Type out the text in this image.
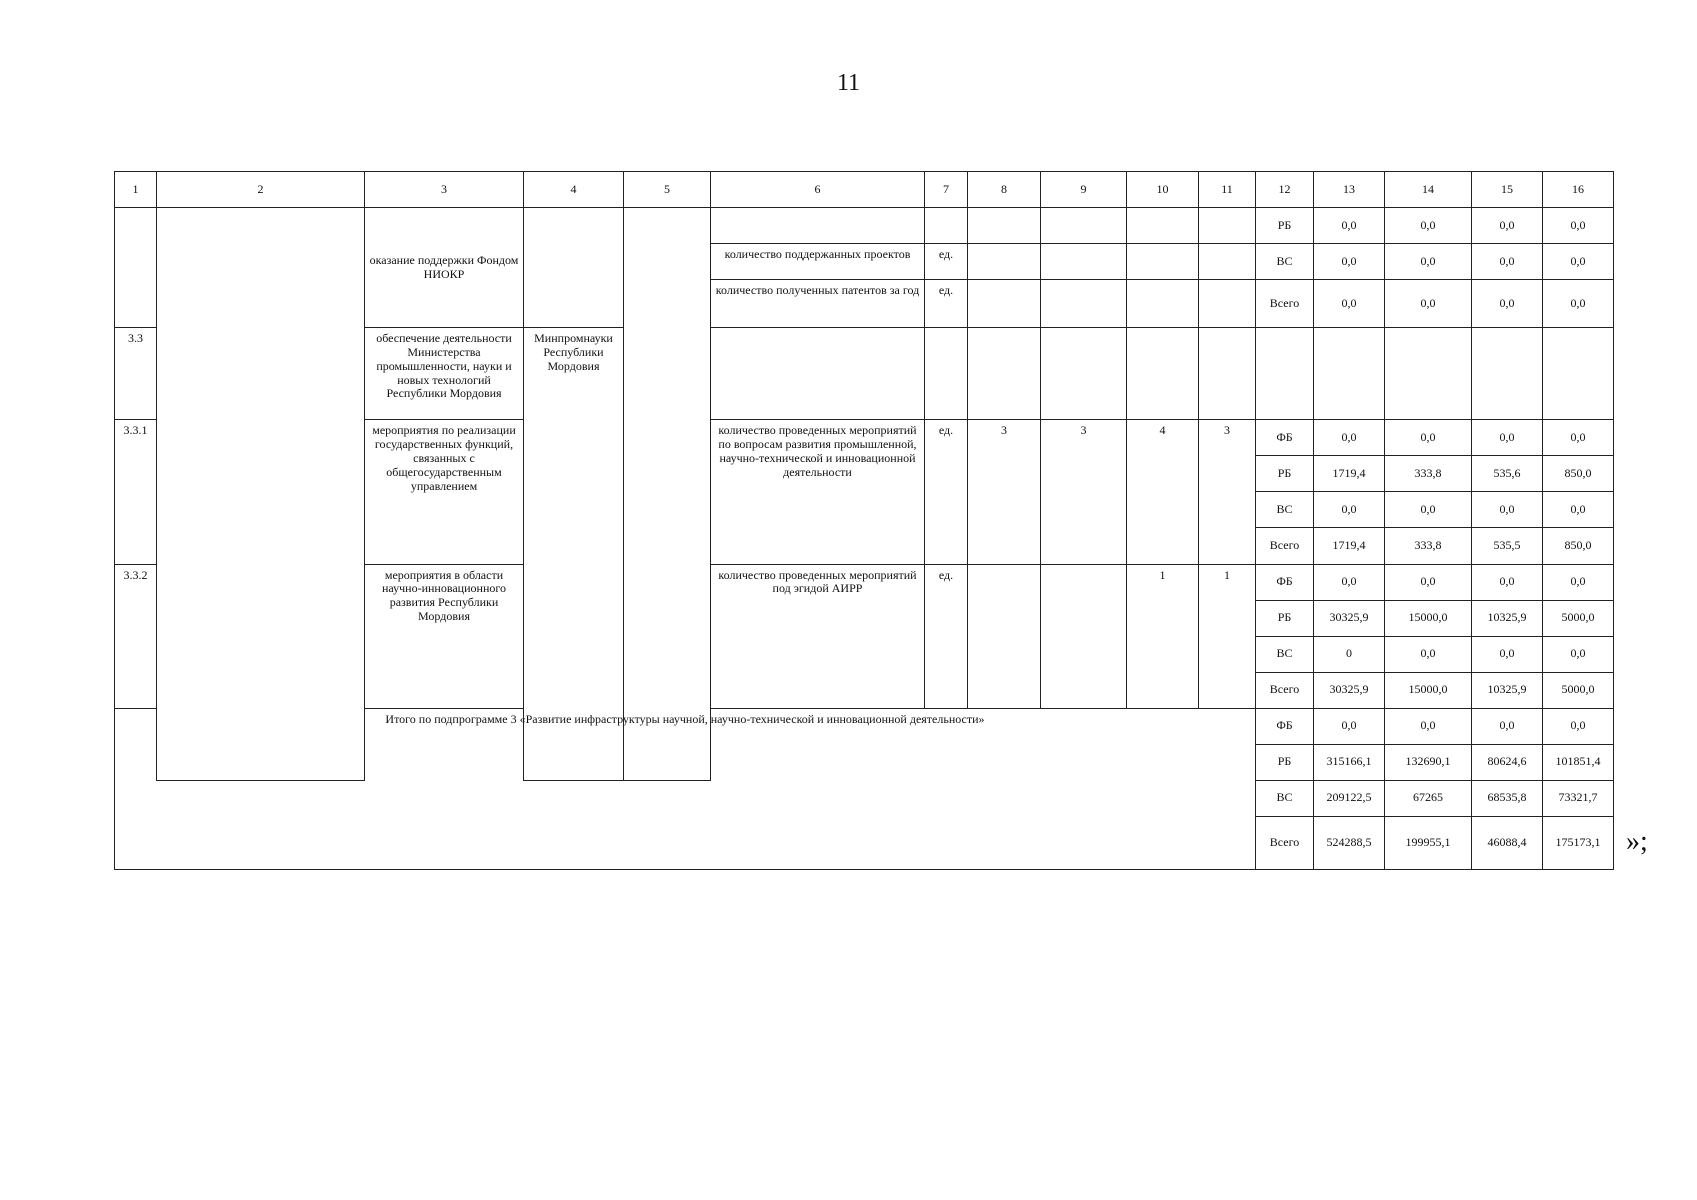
11
1	2	3	4	5	6	7	8	9	10	11	12	13	14	15	16
		оказание поддержки Фондом НИОКР									РБ	0,0	0,0	0,0	0,0
					количество поддержанных проектов	ед.					ВС	0,0	0,0	0,0	0,0
					количество полученных патентов за год	ед.					Всего	0,0	0,0	0,0	0,0
3.3		обеспечение деятельности Министерства промышленности, науки и новых технологий Республики Мордовия	Минпромнауки Республики Мордовия												
3.3.1		мероприятия по реализации государственных функций, связанных с общегосударственным управлением			количество проведенных мероприятий по вопросам развития промышленной, научно-технической и инновационной деятельности	ед.	3	3	4	3	ФБ	0,0	0,0	0,0	0,0
											РБ	1719,4	333,8	535,6	850,0
											ВС	0,0	0,0	0,0	0,0
											Всего	1719,4	333,8	535,5	850,0
3.3.2		мероприятия в области научно-инновационного развития Республики Мордовия			количество проведенных мероприятий под эгидой АИРР	ед.			1	1	ФБ	0,0	0,0	0,0	0,0
											РБ	30325,9	15000,0	10325,9	5000,0
											ВС	0	0,0	0,0	0,0
											Всего	30325,9	15000,0	10325,9	5000,0
Итого по подпрограмме 3 «Развитие инфраструктуры научной, научно-технической и инновационной деятельности»											ФБ	0,0	0,0	0,0	0,0
											РБ	315166,1	132690,1	80624,6	101851,4
											ВС	209122,5	67265	68535,8	73321,7
											Всего	524288,5	199955,1	46088,4	175173,1 »;
